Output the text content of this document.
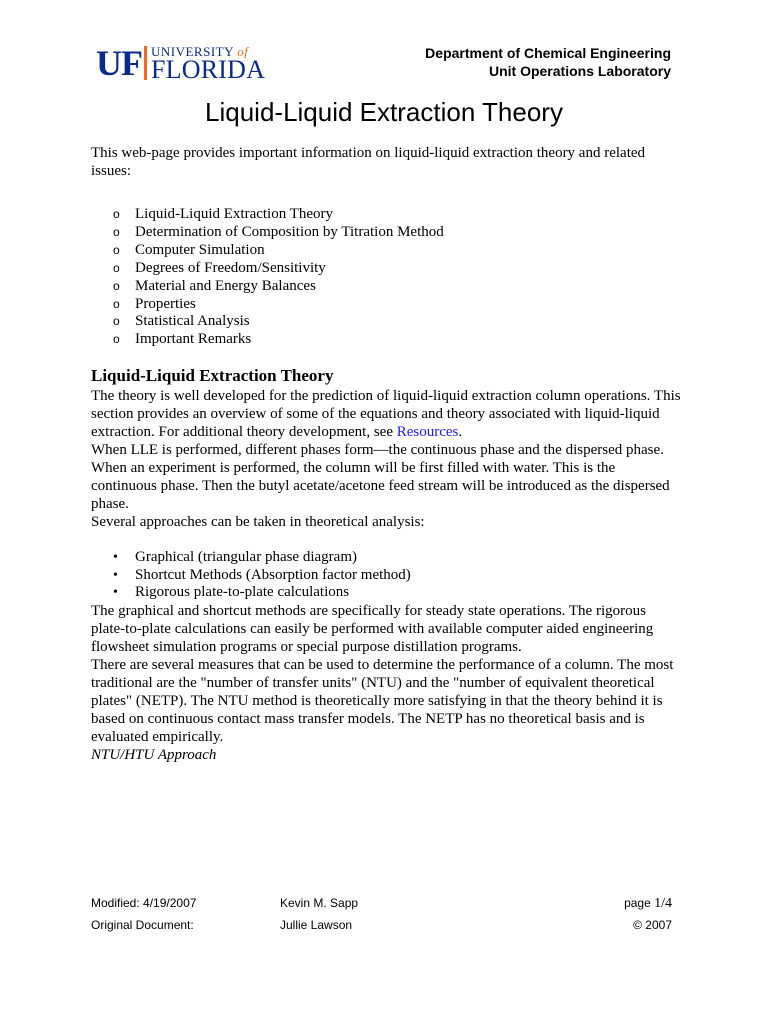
UF UNIVERSITY of
FLORIDA
Department of Chemical Engineering
Unit Operations Laboratory
Liquid-Liquid Extraction Theory

This web-page provides important information on liquid-liquid extraction theory and related issues:

o Liquid-Liquid Extraction Theory
o Determination of Composition by Titration Method
o Computer Simulation
o Degrees of Freedom/Sensitivity
o Material and Energy Balances
o Properties
o Statistical Analysis
o Important Remarks
Liquid-Liquid Extraction Theory

The theory is well developed for the prediction of liquid-liquid extraction column operations. This section provides an overview of some of the equations and theory associated with liquid-liquid extraction. For additional theory development, see Resources.

When LLE is performed, different phases form—the continuous phase and the dispersed phase. When an experiment is performed, the column will be first filled with water. This is the continuous phase. Then the butyl acetate/acetone feed stream will be introduced as the dispersed phase.

Several approaches can be taken in theoretical analysis:

• Graphical (triangular phase diagram)
• Shortcut Methods (Absorption factor method)
• Rigorous plate-to-plate calculations

The graphical and shortcut methods are specifically for steady state operations. The rigorous plate-to-plate calculations can easily be performed with available computer aided engineering flowsheet simulation programs or special purpose distillation programs.

There are several measures that can be used to determine the performance of a column. The most traditional are the "number of transfer units" (NTU) and the "number of equivalent theoretical plates" (NETP). The NTU method is theoretically more satisfying in that the theory behind it is based on continuous contact mass transfer models. The NETP has no theoretical basis and is evaluated empirically.

NTU/HTU Approach

Modified: 4/19/2007	Kevin M. Sapp	page 1/4
Original Document:	Jullie Lawson	© 2007
